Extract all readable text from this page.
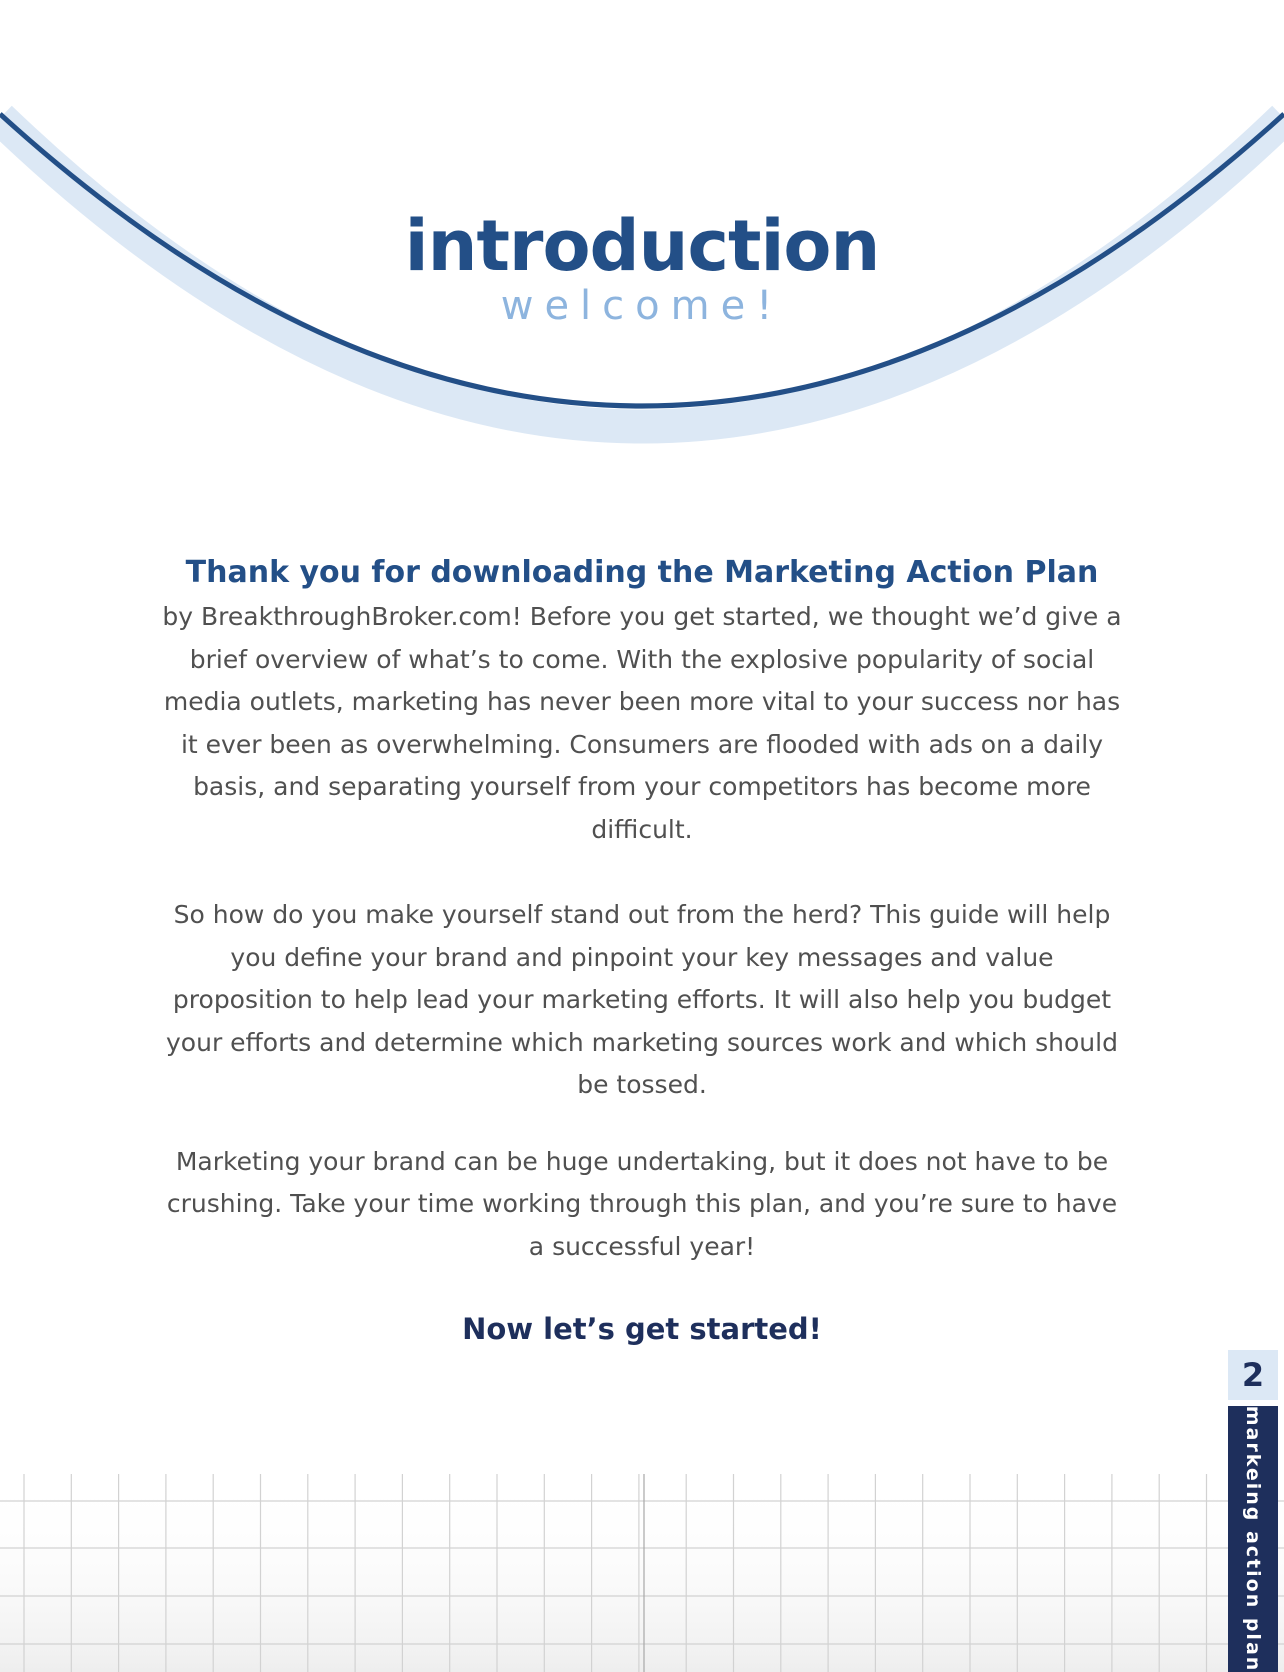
introduction
welcome!

Thank you for downloading the Marketing Action Plan
by BreakthroughBroker.com! Before you get started, we thought we’d give a brief overview of what’s to come. With the explosive popularity of social media outlets, marketing has never been more vital to your success nor has it ever been as overwhelming. Consumers are flooded with ads on a daily basis, and separating yourself from your competitors has become more difficult.

So how do you make yourself stand out from the herd? This guide will help you define your brand and pinpoint your key messages and value proposition to help lead your marketing efforts. It will also help you budget your efforts and determine which marketing sources work and which should be tossed.

Marketing your brand can be huge undertaking, but it does not have to be crushing. Take your time working through this plan, and you’re sure to have a successful year!

Now let’s get started!

2
markeing action plan
